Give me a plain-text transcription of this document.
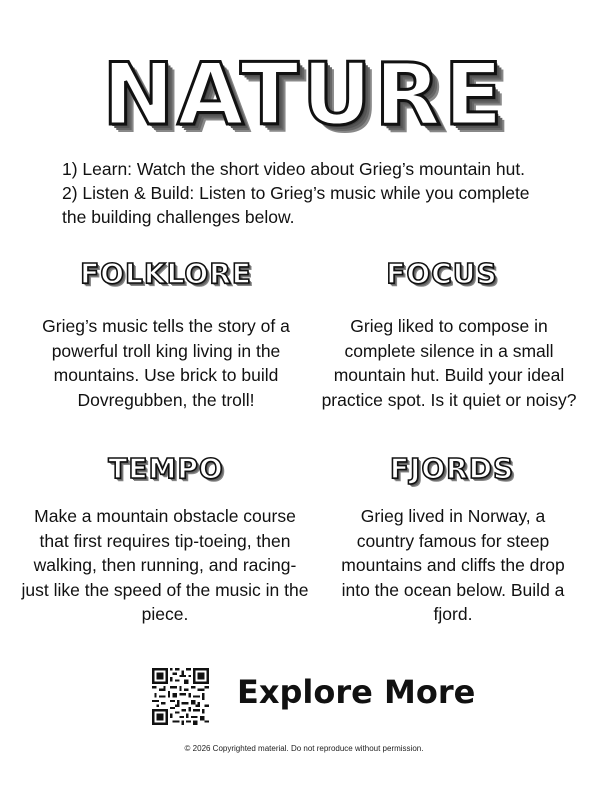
NATURE
1) Learn: Watch the short video about Grieg’s mountain hut.
2) Listen & Build: Listen to Grieg’s music while you complete
the building challenges below.
FOLKLORE
Grieg’s music tells the story of a powerful troll king living in the mountains. Use brick to build Dovregubben, the troll!
FOCUS
Grieg liked to compose in complete silence in a small mountain hut. Build your ideal practice spot. Is it quiet or noisy?
TEMPO
Make a mountain obstacle course that first requires tip-toeing, then walking, then running, and racing- just like the speed of the music in the piece.
FJORDS
Grieg lived in Norway, a country famous for steep mountains and cliffs the drop into the ocean below. Build a fjord.
Explore More
© 2026 Copyrighted material. Do not reproduce without permission.
